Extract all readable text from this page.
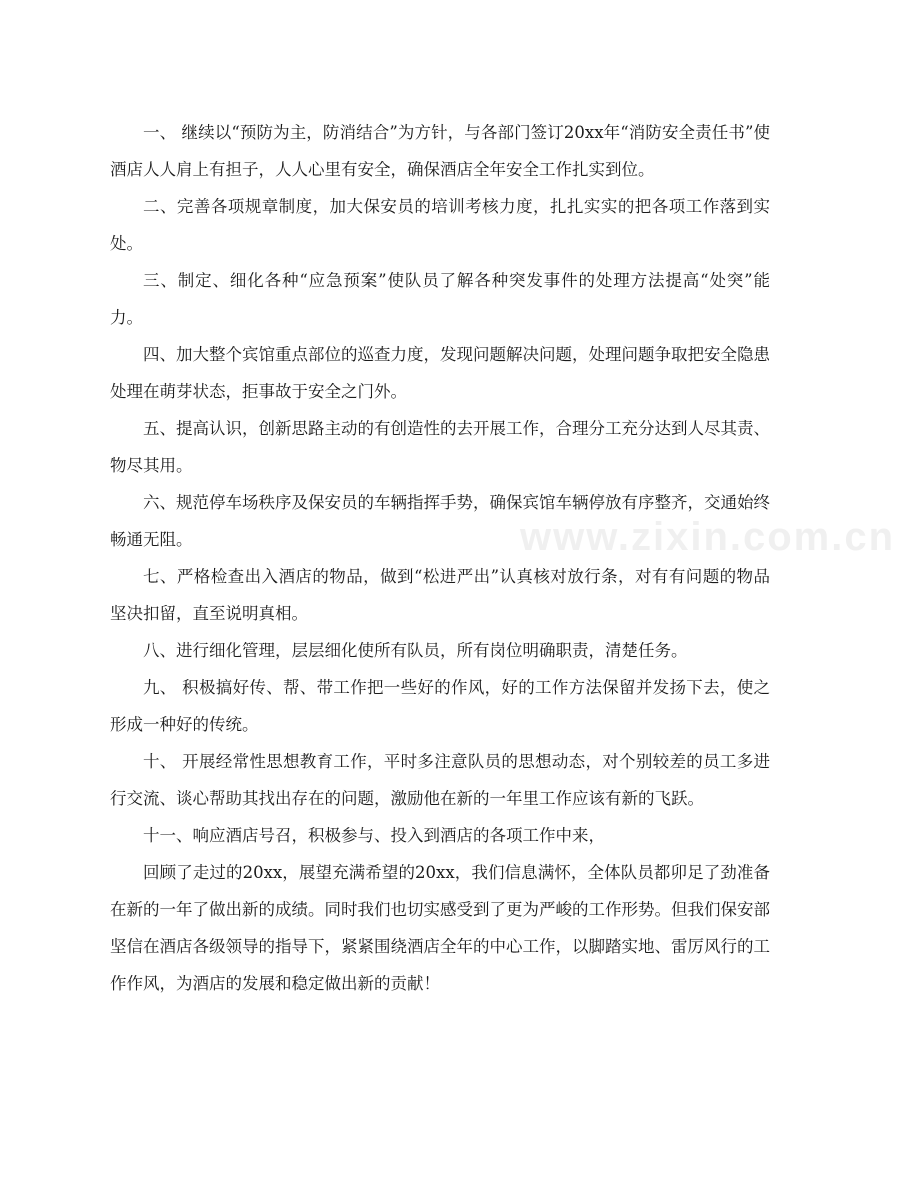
一、 继续以“预防为主，防消结合”为方针，与各部门签订20xx年“消防安全责任书”使酒店人人肩上有担子，人人心里有安全，确保酒店全年安全工作扎实到位。

二、完善各项规章制度，加大保安员的培训考核力度，扎扎实实的把各项工作落到实处。

三、制定、细化各种“应急预案”使队员了解各种突发事件的处理方法提高“处突”能力。

四、加大整个宾馆重点部位的巡查力度，发现问题解决问题，处理问题争取把安全隐患处理在萌芽状态，拒事故于安全之门外。

五、提高认识，创新思路主动的有创造性的去开展工作，合理分工充分达到人尽其责、物尽其用。

六、规范停车场秩序及保安员的车辆指挥手势，确保宾馆车辆停放有序整齐，交通始终畅通无阻。

七、严格检查出入酒店的物品，做到“松进严出”认真核对放行条，对有有问题的物品坚决扣留，直至说明真相。

八、进行细化管理，层层细化使所有队员，所有岗位明确职责，清楚任务。

九、 积极搞好传、帮、带工作把一些好的作风，好的工作方法保留并发扬下去，使之形成一种好的传统。

十、 开展经常性思想教育工作，平时多注意队员的思想动态，对个别较差的员工多进行交流、谈心帮助其找出存在的问题，激励他在新的一年里工作应该有新的飞跃。

十一、响应酒店号召，积极参与、投入到酒店的各项工作中来，

回顾了走过的20xx，展望充满希望的20xx，我们信息满怀，全体队员都卯足了劲准备在新的一年了做出新的成绩。同时我们也切实感受到了更为严峻的工作形势。但我们保安部坚信在酒店各级领导的指导下，紧紧围绕酒店全年的中心工作，以脚踏实地、雷厉风行的工作作风，为酒店的发展和稳定做出新的贡献！

www.zixin.com.cn
